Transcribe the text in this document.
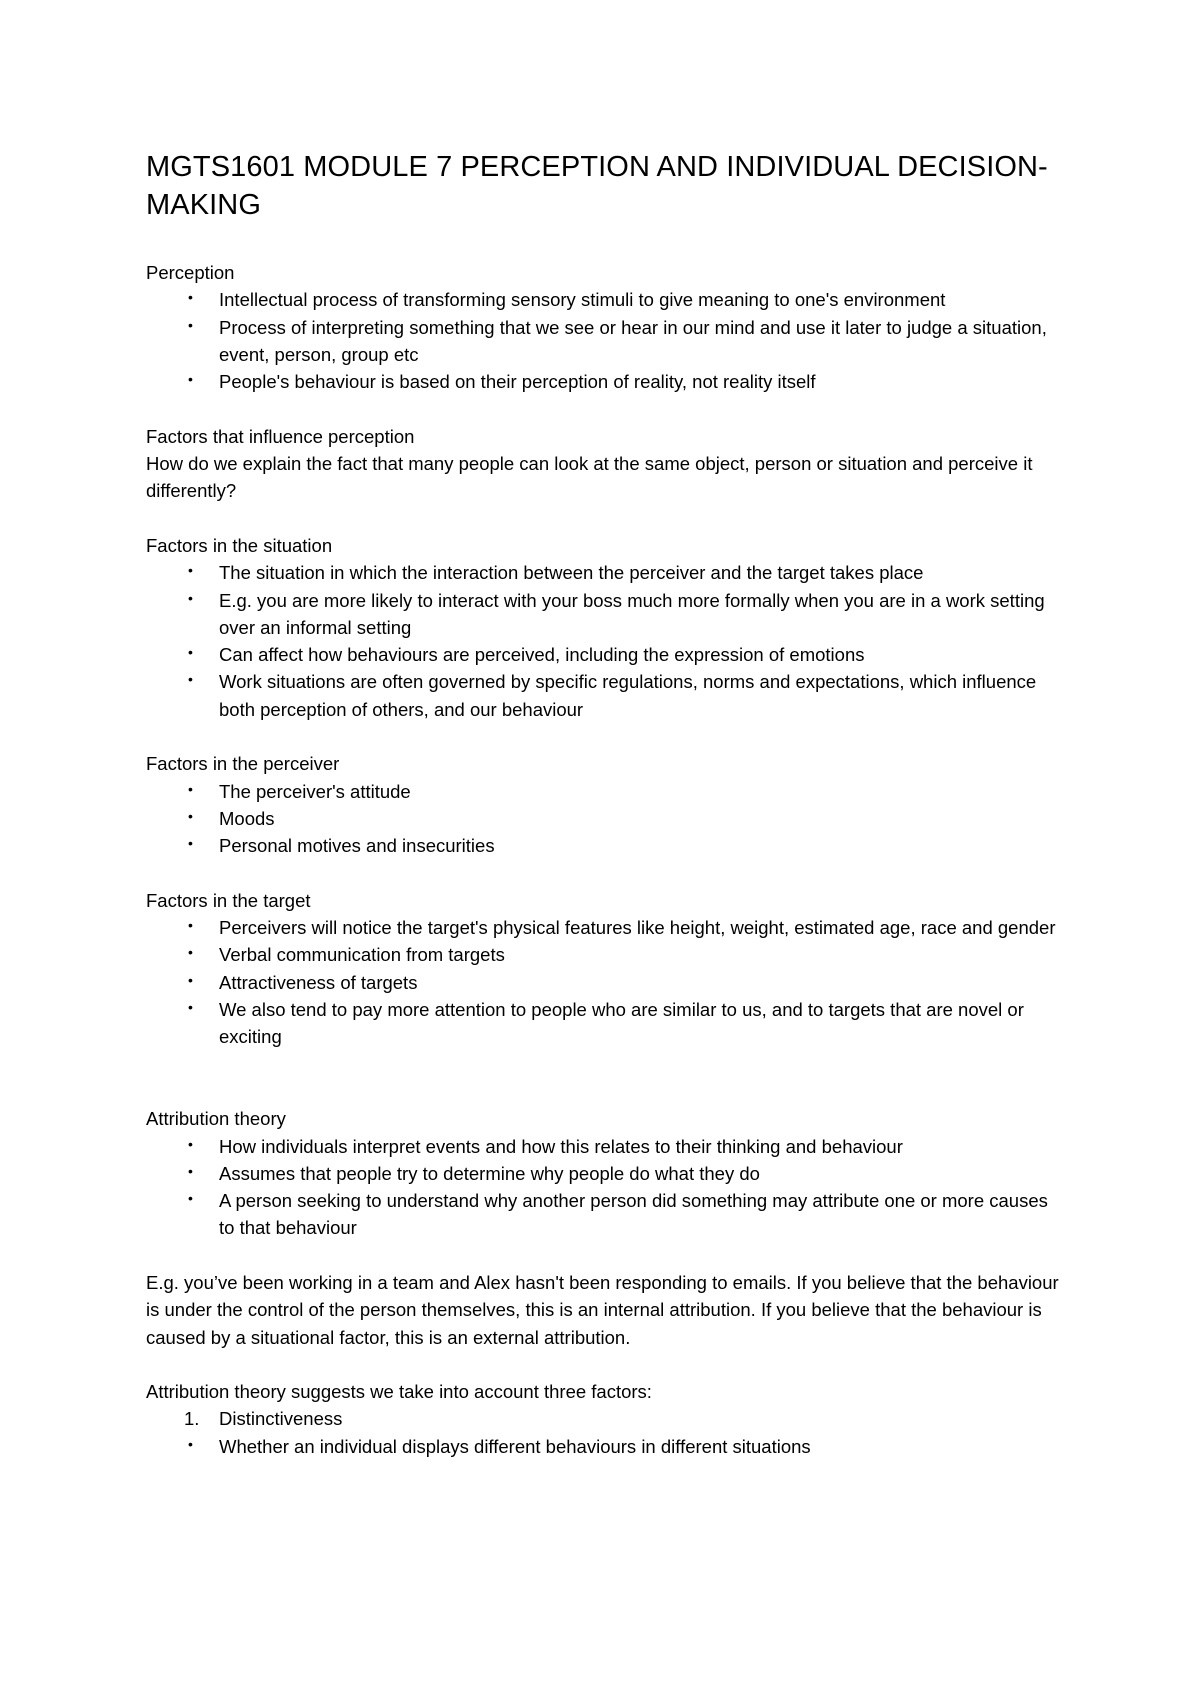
MGTS1601 MODULE 7 PERCEPTION AND INDIVIDUAL DECISION-MAKING
Perception
• Intellectual process of transforming sensory stimuli to give meaning to one's environment
• Process of interpreting something that we see or hear in our mind and use it later to judge a situation, event, person, group etc
• People's behaviour is based on their perception of reality, not reality itself
Factors that influence perception
How do we explain the fact that many people can look at the same object, person or situation and perceive it differently?
Factors in the situation
• The situation in which the interaction between the perceiver and the target takes place
• E.g. you are more likely to interact with your boss much more formally when you are in a work setting over an informal setting
• Can affect how behaviours are perceived, including the expression of emotions
• Work situations are often governed by specific regulations, norms and expectations, which influence both perception of others, and our behaviour
Factors in the perceiver
• The perceiver's attitude
• Moods
• Personal motives and insecurities
Factors in the target
• Perceivers will notice the target's physical features like height, weight, estimated age, race and gender
• Verbal communication from targets
• Attractiveness of targets
• We also tend to pay more attention to people who are similar to us, and to targets that are novel or exciting
Attribution theory
• How individuals interpret events and how this relates to their thinking and behaviour
• Assumes that people try to determine why people do what they do
• A person seeking to understand why another person did something may attribute one or more causes to that behaviour
E.g. you’ve been working in a team and Alex hasn't been responding to emails. If you believe that the behaviour is under the control of the person themselves, this is an internal attribution. If you believe that the behaviour is caused by a situational factor, this is an external attribution.
Attribution theory suggests we take into account three factors:
1. Distinctiveness
• Whether an individual displays different behaviours in different situations
